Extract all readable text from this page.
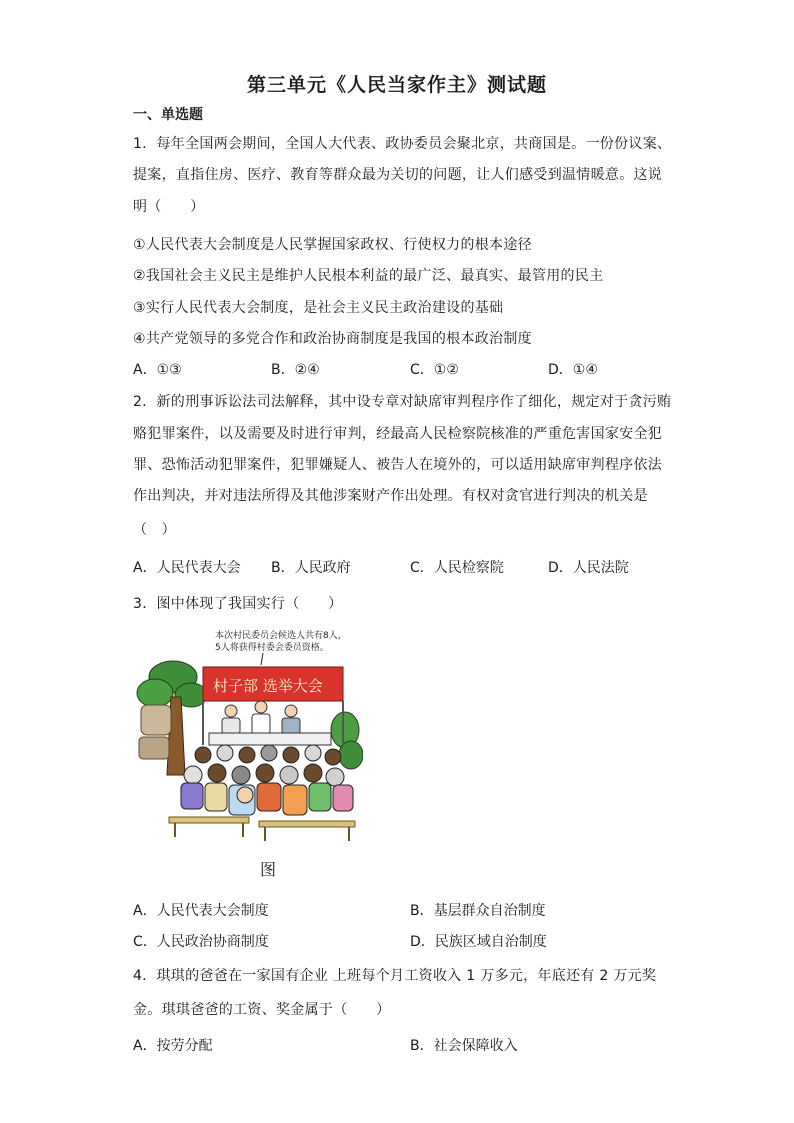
第三单元《人民当家作主》测试题
一、单选题
1．每年全国两会期间，全国人大代表、政协委员会聚北京，共商国是。一份份议案、
提案，直指住房、医疗、教育等群众最为关切的问题，让人们感受到温情暖意。这说
明（　　）
①人民代表大会制度是人民掌握国家政权、行使权力的根本途径
②我国社会主义民主是维护人民根本利益的最广泛、最真实、最管用的民主
③实行人民代表大会制度，是社会主义民主政治建设的基础
④共产党领导的多党合作和政治协商制度是我国的根本政治制度
A．①③	B．②④	C．①②	D．①④
2．新的刑事诉讼法司法解释，其中设专章对缺席审判程序作了细化，规定对于贪污贿
赂犯罪案件，以及需要及时进行审判，经最高人民检察院核准的严重危害国家安全犯
罪、恐怖活动犯罪案件，犯罪嫌疑人、被告人在境外的，可以适用缺席审判程序依法
作出判决，并对违法所得及其他涉案财产作出处理。有权对贪官进行判决的机关是
（　）
A．人民代表大会 B．人民政府	C．人民检察院	D．人民法院
3．图中体现了我国实行（　　）
本次村民委员会候选人共有8人，
5人将获得村委会委员资格。
村子部 选举大会
图
A．人民代表大会制度	B．基层群众自治制度
C．人民政治协商制度	D．民族区域自治制度
4．琪琪的爸爸在一家国有企业 上班每个月工资收入 1 万多元，年底还有 2 万元奖
金。琪琪爸爸的工资、奖金属于（　　）
A．按劳分配	B．社会保障收入
